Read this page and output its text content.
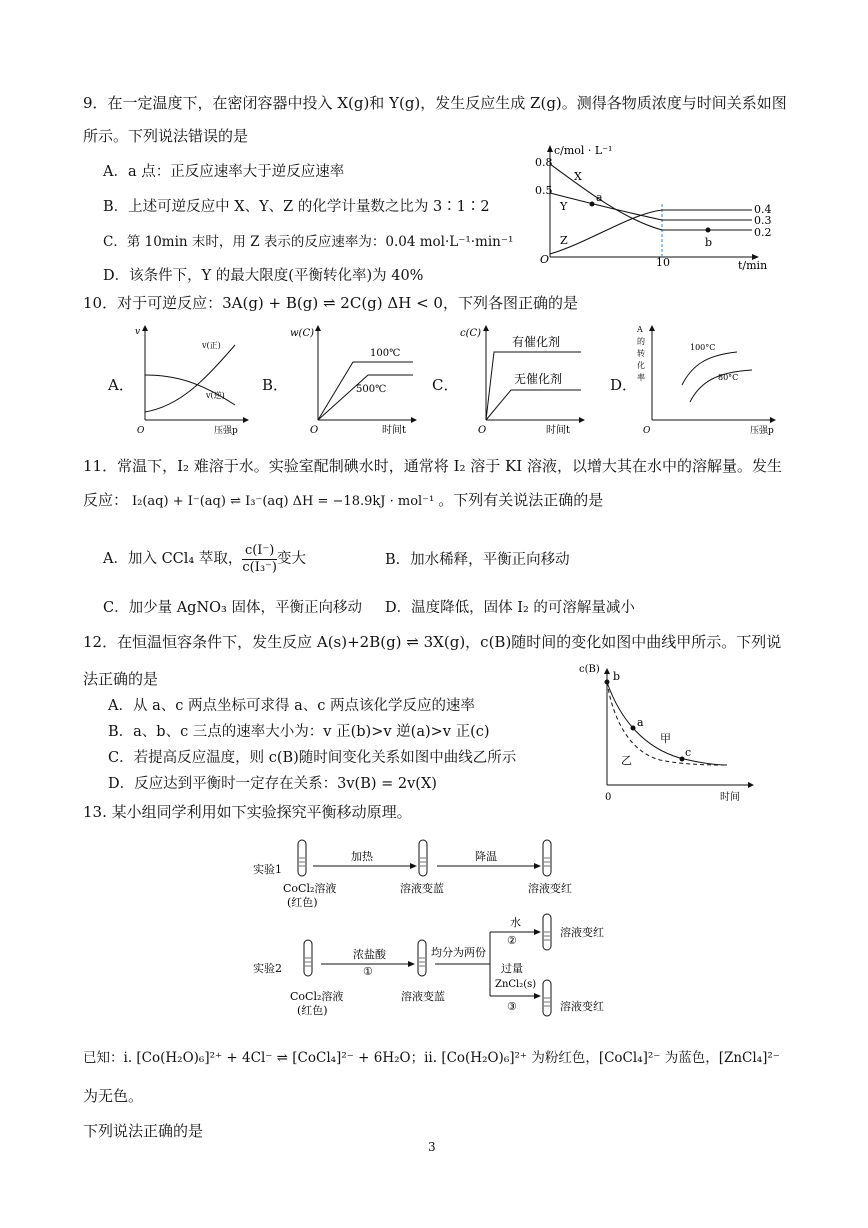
9．在一定温度下，在密闭容器中投入 X(g)和 Y(g)，发生反应生成 Z(g)。测得各物质浓度与时间关系如图
所示。下列说法错误的是
A．a 点：正反应速率大于逆反应速率
B．上述可逆反应中 X、Y、Z 的化学计量数之比为 3∶1∶2
C．第 10min 末时，用 Z 表示的反应速率为：0.04 mol·L⁻¹·min⁻¹
D．该条件下，Y 的最大限度(平衡转化率)为 40%
c/mol · L⁻¹
0.8
0.5
O	10	t/min
X
Y
Z
a
b
0.4
0.3
0.2
10．对于可逆反应：3A(g) + B(g) ⇌ 2C(g) ΔH < 0，下列各图正确的是
A．
v
O	压强p
v(正)
v(逆)
B．
w(C)
O	时间t
100℃
500℃	C．
c(C)
O	时间t
有催化剂
无催化剂	D．
A
的
转
化
率
O	压强p
100°C
80°C
11．常温下，I₂ 难溶于水。实验室配制碘水时，通常将 I₂ 溶于 KI 溶液，以增大其在水中的溶解量。发生
反应： I₂(aq) + I⁻(aq) ⇌ I₃⁻(aq) ΔH = −18.9kJ · mol⁻¹ 。下列有关说法正确的是
A．加入 CCl₄ 萃取， $\frac{c(I^-)}{\text{c(I₃⁻)}}$ 变大	B．加水稀释，平衡正向移动
C．加少量 AgNO₃ 固体，平衡正向移动 D．温度降低，固体 I₂ 的可溶解量减小
12．在恒温恒容条件下，发生反应 A(s)+2B(g) ⇌ 3X(g)，c(B)随时间的变化如图中曲线甲所示。下列说
法正确的是
A．从 a、c 两点坐标可求得 a、c 两点该化学反应的速率
B．a、b、c 三点的速率大小为：v 正(b)>v 逆(a)>v 正(c)
C．若提高反应温度，则 c(B)随时间变化关系如图中曲线乙所示
D．反应达到平衡时一定存在关系：3v(B) = 2v(X)
c(B)
0	时间
b
a
c
甲
乙
13. 某小组同学利用如下实验探究平衡移动原理。
实验1
CoCl₂溶液
(红色)
加热
溶液变蓝
降温
溶液变红
实验2
CoCl₂溶液
(红色)
浓盐酸
①
溶液变蓝
均分为两份
水
②
溶液变红
过量
ZnCl₂(s)
③	溶液变红
已知：i. [Co(H₂O)₆]²⁺ + 4Cl⁻ ⇌ [CoCl₄]²⁻ + 6H₂O；ii. [Co(H₂O)₆]²⁺ 为粉红色，[CoCl₄]²⁻ 为蓝色，[ZnCl₄]²⁻
为无色。
下列说法正确的是
3
